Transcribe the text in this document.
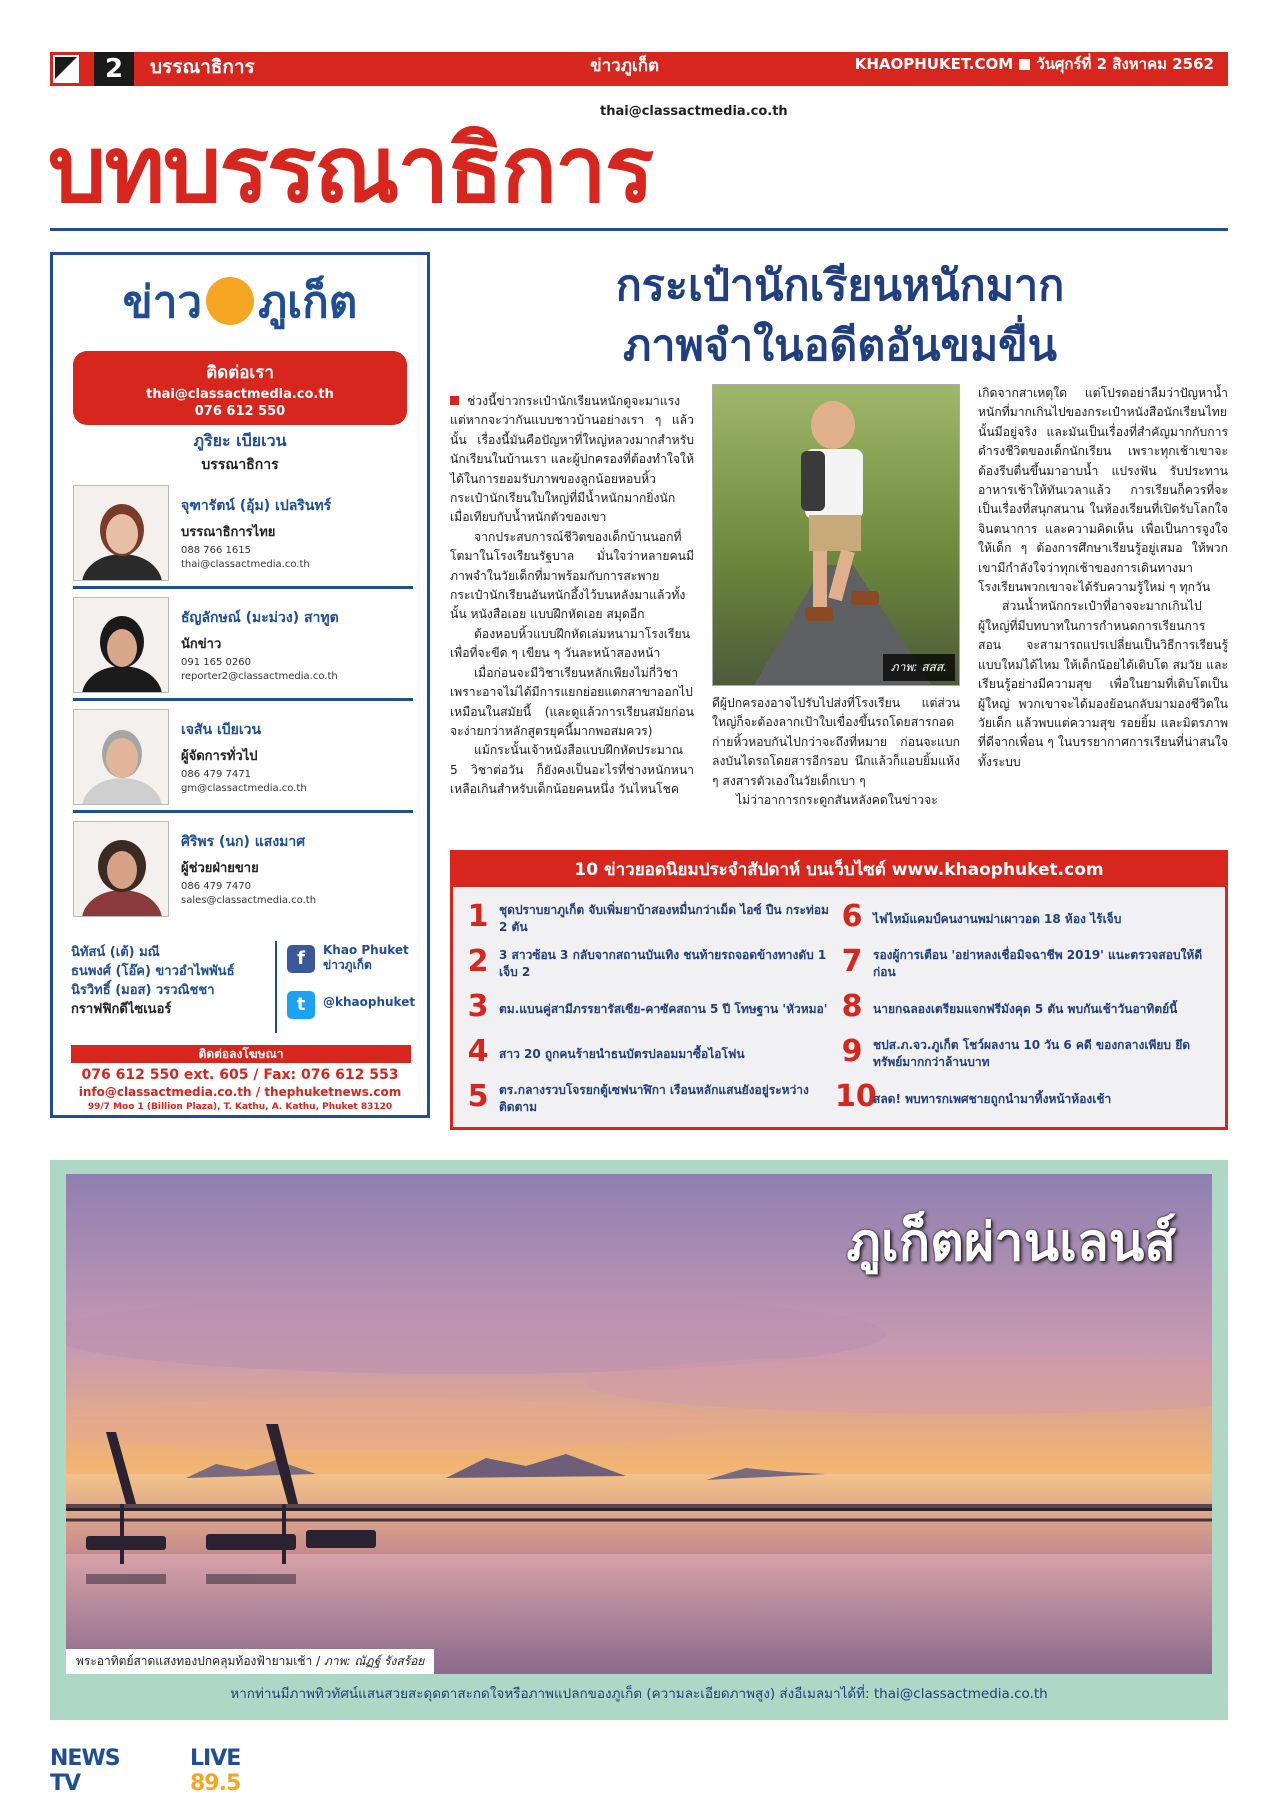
2	บรรณาธิการ	ข่าวภูเก็ต	KHAOPHUKET.COM วันศุกร์ที่ 2 สิงหาคม 2562
thai@classactmedia.co.th
บทบรรณาธิการ
ข่าว ภูเก็ต
ติดต่อเรา
thai@classactmedia.co.th
076 612 550
ภูริยะ เบียเวน
บรรณาธิการ
จุฑารัตน์ (อุ้ม) เปลรินทร์
บรรณาธิการไทย
088 766 1615
thai@classactmedia.co.th
ธัญลักษณ์ (มะม่วง) สาทูต
นักข่าว
091 165 0260
reporter2@classactmedia.co.th
เจสัน เบียเวน
ผู้จัดการทั่วไป
086 479 7471
gm@classactmedia.co.th
ศิริพร (นก) แสงมาศ
ผู้ช่วยฝ่ายขาย
086 479 7470
sales@classactmedia.co.th
นิทัสน์ (เต้) มณี
ธนพงศ์ (โอ๊ค) ขาวอำไพพันธ์
นิรวิทธิ์ (มอส) วรวณิชชา
กราฟฟิกดีไซเนอร์
f	Khao Phuket
ข่าวภูเก็ต
t	@khaophuket
ติดต่อลงโฆษณา
076 612 550 ext. 605 / Fax: 076 612 553
info@classactmedia.co.th / thephuketnews.com
99/7 Moo 1 (Billion Plaza), T. Kathu, A. Kathu, Phuket 83120
กระเป๋านักเรียนหนักมาก
ภาพจำในอดีตอันขมขื่น

ช่วงนี้ข่าวกระเป๋านักเรียนหนักดูจะมาแรง แต่หากจะว่ากันแบบชาวบ้านอย่างเรา ๆ แล้วนั้น เรื่องนี้มันคือปัญหาที่ใหญ่หลวงมากสำหรับนักเรียนในบ้านเรา และผู้ปกครองที่ต้องทำใจให้ได้ในการยอมรับภาพของลูกน้อยหอบหิ้วกระเป๋านักเรียนใบใหญ่ที่มีน้ำหนักมากยิ่งนัก เมื่อเทียบกับน้ำหนักตัวของเขา

จากประสบการณ์ชีวิตของเด็กบ้านนอกที่โตมาในโรงเรียนรัฐบาล มั่นใจว่าหลายคนมีภาพจำในวัยเด็กที่มาพร้อมกับการสะพายกระเป๋านักเรียนอันหนักอึ้งไว้บนหลังมาแล้วทั้งนั้น หนังสือเอย แบบฝึกหัดเอย สมุดอีก

ต้องหอบหิ้วแบบฝึกหัดเล่มหนามาโรงเรียนเพื่อที่จะขีด ๆ เขียน ๆ วันละหน้าสองหน้า

เมื่อก่อนจะมีวิชาเรียนหลักเพียงไม่กี่วิชา เพราะอาจไม่ได้มีการแยกย่อยแตกสาขาออกไปเหมือนในสมัยนี้ (และดูแล้วการเรียนสมัยก่อนจะง่ายกว่าหลักสูตรยุคนี้มากพอสมควร)

แม้กระนั้นเจ้าหนังสือแบบฝึกหัดประมาณ 5 วิชาต่อวัน ก็ยังคงเป็นอะไรที่ช่างหนักหนาเหลือเกินสำหรับเด็กน้อยคนหนึ่ง วันไหนโชค

ภาพ: สสส.

ดีผู้ปกครองอาจไปรับไปส่งที่โรงเรียน แต่ส่วนใหญ่ก็จะต้องลากเป้าใบเขื่องขึ้นรถโดยสารกอดก่ายหิ้วหอบกันไปกว่าจะถึงที่หมาย ก่อนจะแบกลงบันไดรถโดยสารอีกรอบ นึกแล้วก็แอบยิ้มแห้ง ๆ สงสารตัวเองในวัยเด็กเบา ๆ

ไม่ว่าอาการกระดูกสันหลังคดในข่าวจะ

เกิดจากสาเหตุใด แต่โปรดอย่าลืมว่าปัญหาน้ำหนักที่มากเกินไปของกระเป๋าหนังสือนักเรียนไทยนั้นมีอยู่จริง และมันเป็นเรื่องที่สำคัญมากกับการดำรงชีวิตของเด็กนักเรียน เพราะทุกเช้าเขาจะต้องรีบตื่นขึ้นมาอาบน้ำ แปรงฟัน รับประทานอาหารเช้าให้ทันเวลาแล้ว การเรียนก็ควรที่จะเป็นเรื่องที่สนุกสนาน ในห้องเรียนที่เปิดรับโลกใจจินตนาการ และความคิดเห็น เพื่อเป็นการจูงใจให้เด็ก ๆ ต้องการศึกษาเรียนรู้อยู่เสมอ ให้พวกเขามีกำลังใจว่าทุกเช้าของการเดินทางมาโรงเรียนพวกเขาจะได้รับความรู้ใหม่ ๆ ทุกวัน

ส่วนน้ำหนักกระเป๋าที่อาจจะมากเกินไป ผู้ใหญ่ที่มีบทบาทในการกำหนดการเรียนการสอน จะสามารถแปรเปลี่ยนเป็นวิธีการเรียนรู้แบบใหม่ได้ไหม ให้เด็กน้อยได้เติบโต สมวัย และเรียนรู้อย่างมีความสุข เพื่อในยามที่เติบโตเป็นผู้ใหญ่ พวกเขาจะได้มองย้อนกลับมามองชีวิตในวัยเด็ก แล้วพบแต่ความสุข รอยยิ้ม และมิตรภาพที่ดีจากเพื่อน ๆ ในบรรยากาศการเรียนที่น่าสนใจทั้งระบบ

10 ข่าวยอดนิยมประจำสัปดาห์ บนเว็บไซต์ www.khaophuket.com
1 ชุดปราบยาภูเก็ต จับเพิ่มยาบ้าสองหมื่นกว่าเม็ด ไอซ์ ปืน กระท่อม 2 ตัน
2 3 สาวซ้อน 3 กลับจากสถานบันเทิง ชนท้ายรถจอดข้างทางดับ 1 เจ็บ 2
3 ตม.แบนคู่สามีภรรยารัสเซีย-คาซัคสถาน 5 ปี โทษฐาน 'หัวหมอ'
4 สาว 20 ถูกคนร้ายนำธนบัตรปลอมมาซื้อไอโฟน
5 ตร.กลางรวบโจรยกตู้เซฟนาฬิกา เรือนหลักแสนยังอยู่ระหว่างติดตาม
6 ไฟไหม้แคมป์คนงานพม่าเผาวอด 18 ห้อง ไร้เจ็บ
7 รองผู้การเตือน 'อย่าหลงเชื่อมิจฉาชีพ 2019' แนะตรวจสอบให้ดีก่อน
8 นายกฉลองเตรียมแจกฟรีมังคุด 5 ตัน พบกันเช้าวันอาทิตย์นี้
9 ชปส.ภ.จว.ภูเก็ต โชว์ผลงาน 10 วัน 6 คดี ของกลางเพียบ ยึดทรัพย์มากกว่าล้านบาท
10
สลด! พบทารกเพศชายถูกนำมาทิ้งหน้าห้องเช้า
ภูเก็ตผ่านเลนส์
พระอาทิตย์สาดแสงทองปกคลุมท้องฟ้ายามเช้า / ภาพ: ณัฏฐ์ รังสร้อย
หากท่านมีภาพทิวทัศน์แสนสวยสะดุดตาสะกดใจหรือภาพแปลกของภูเก็ต (ความละเอียดภาพสูง) ส่งอีเมลมาได้ที่: thai@classactmedia.co.th
NEWS TV
LIVE 89.5
